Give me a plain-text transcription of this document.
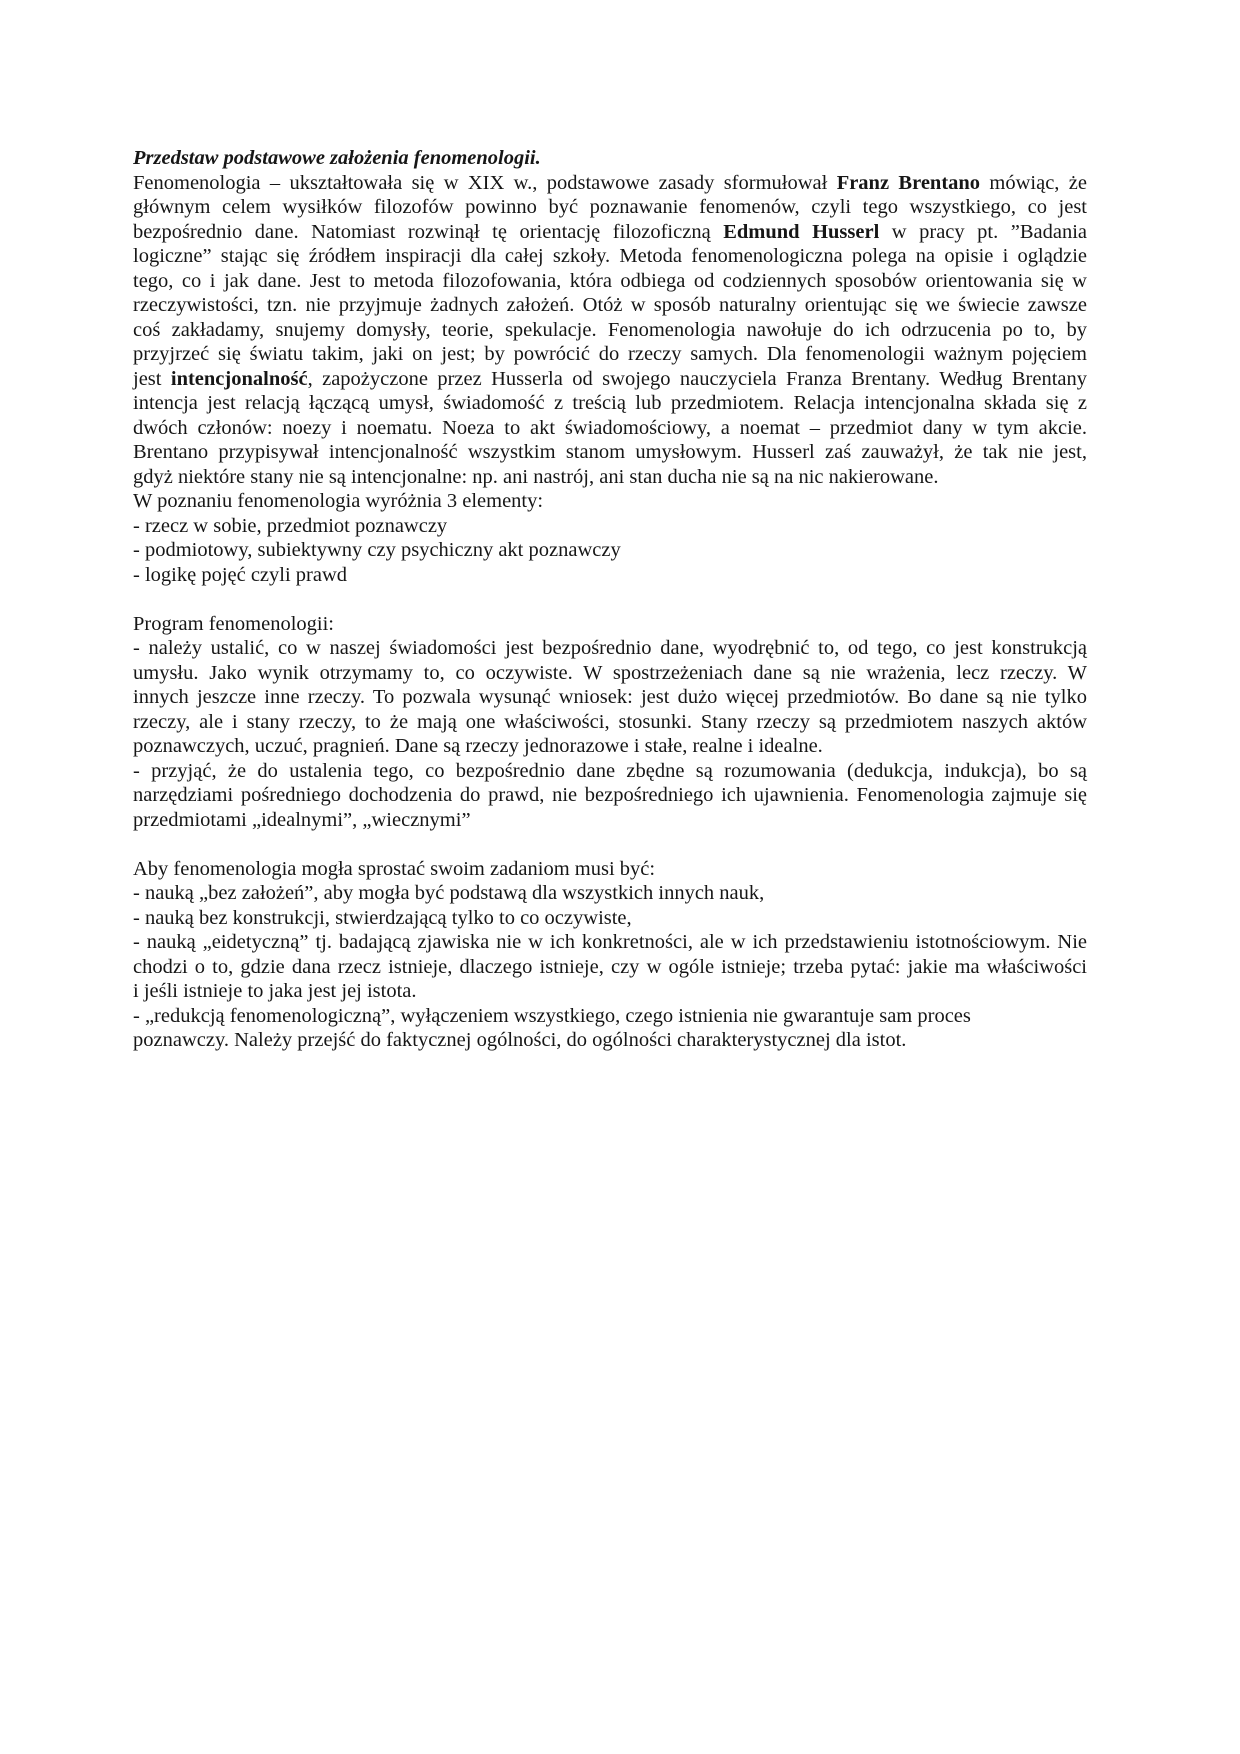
Przedstaw podstawowe założenia fenomenologii.
Fenomenologia – ukształtowała się w XIX w., podstawowe zasady sformułował Franz Brentano mówiąc, że
głównym celem wysiłków filozofów powinno być poznawanie fenomenów, czyli tego wszystkiego, co jest
bezpośrednio dane. Natomiast rozwinął tę orientację filozoficzną Edmund Husserl w pracy pt. ”Badania
logiczne” stając się źródłem inspiracji dla całej szkoły. Metoda fenomenologiczna polega na opisie i oglądzie
tego, co i jak dane. Jest to metoda filozofowania, która odbiega od codziennych sposobów orientowania się w
rzeczywistości, tzn. nie przyjmuje żadnych założeń. Otóż w sposób naturalny orientując się we świecie zawsze
coś zakładamy, snujemy domysły, teorie, spekulacje. Fenomenologia nawołuje do ich odrzucenia po to, by
przyjrzeć się światu takim, jaki on jest; by powrócić do rzeczy samych. Dla fenomenologii ważnym pojęciem
jest intencjonalność, zapożyczone przez Husserla od swojego nauczyciela Franza Brentany. Według Brentany
intencja jest relacją łączącą umysł, świadomość z treścią lub przedmiotem. Relacja intencjonalna składa się z
dwóch członów: noezy i noematu. Noeza to akt świadomościowy, a noemat – przedmiot dany w tym akcie.
Brentano przypisywał intencjonalność wszystkim stanom umysłowym. Husserl zaś zauważył, że tak nie jest,
gdyż niektóre stany nie są intencjonalne: np. ani nastrój, ani stan ducha nie są na nic nakierowane.
W poznaniu fenomenologia wyróżnia 3 elementy:
- rzecz w sobie, przedmiot poznawczy
- podmiotowy, subiektywny czy psychiczny akt poznawczy
- logikę pojęć czyli prawd
Program fenomenologii:
- należy ustalić, co w naszej świadomości jest bezpośrednio dane, wyodrębnić to, od tego, co jest konstrukcją
umysłu. Jako wynik otrzymamy to, co oczywiste. W spostrzeżeniach dane są nie wrażenia, lecz rzeczy. W
innych jeszcze inne rzeczy. To pozwala wysunąć wniosek: jest dużo więcej przedmiotów. Bo dane są nie tylko
rzeczy, ale i stany rzeczy, to że mają one właściwości, stosunki. Stany rzeczy są przedmiotem naszych aktów
poznawczych, uczuć, pragnień. Dane są rzeczy jednorazowe i stałe, realne i idealne.
- przyjąć, że do ustalenia tego, co bezpośrednio dane zbędne są rozumowania (dedukcja, indukcja), bo są
narzędziami pośredniego dochodzenia do prawd, nie bezpośredniego ich ujawnienia. Fenomenologia zajmuje się
przedmiotami „idealnymi”, „wiecznymi”
Aby fenomenologia mogła sprostać swoim zadaniom musi być:
- nauką „bez założeń”, aby mogła być podstawą dla wszystkich innych nauk,
- nauką bez konstrukcji, stwierdzającą tylko to co oczywiste,
- nauką „eidetyczną” tj. badającą zjawiska nie w ich konkretności, ale w ich przedstawieniu istotnościowym. Nie
chodzi o to, gdzie dana rzecz istnieje, dlaczego istnieje, czy w ogóle istnieje; trzeba pytać: jakie ma właściwości
i jeśli istnieje to jaka jest jej istota.
- „redukcją fenomenologiczną”, wyłączeniem wszystkiego, czego istnienia nie gwarantuje sam proces
poznawczy. Należy przejść do faktycznej ogólności, do ogólności charakterystycznej dla istot.
